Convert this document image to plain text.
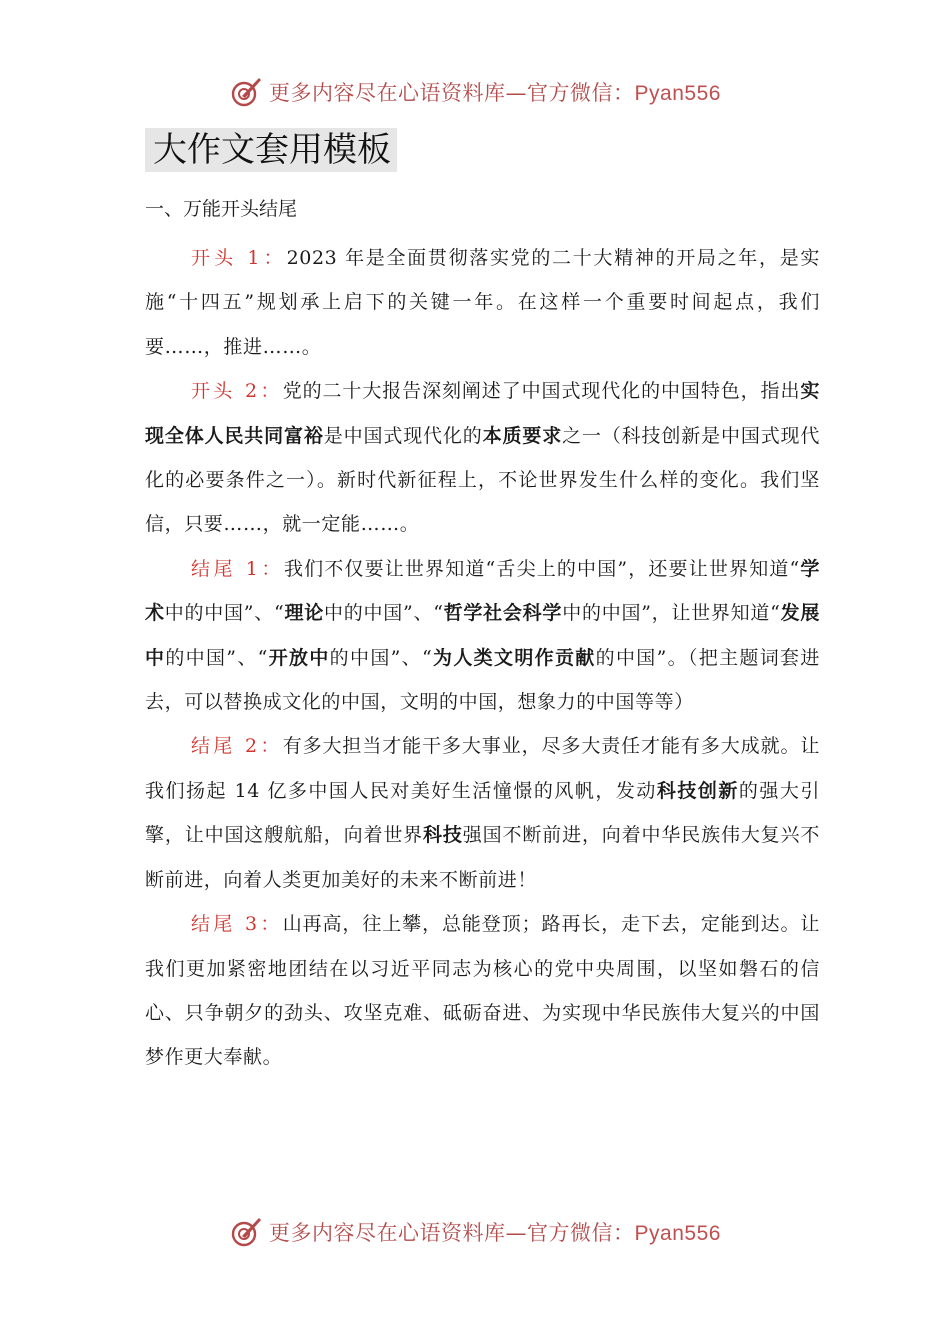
更多内容尽在心语资料库—官方微信：Pyan556
大作文套用模板
一、万能开头结尾

开头 1：2023 年是全面贯彻落实党的二十大精神的开局之年，是实施“十四五”规划承上启下的关键一年。在这样一个重要时间起点，我们要……，推进……。

开头 2：党的二十大报告深刻阐述了中国式现代化的中国特色，指出实现全体人民共同富裕是中国式现代化的本质要求之一（科技创新是中国式现代化的必要条件之一）。新时代新征程上，不论世界发生什么样的变化。我们坚信，只要……，就一定能……。

结尾 1：我们不仅要让世界知道“舌尖上的中国”，还要让世界知道“学术中的中国”、“理论中的中国”、“哲学社会科学中的中国”，让世界知道“发展中的中国”、“开放中的中国”、“为人类文明作贡献的中国”。（把主题词套进去，可以替换成文化的中国，文明的中国，想象力的中国等等）

结尾 2：有多大担当才能干多大事业，尽多大责任才能有多大成就。让我们扬起 14 亿多中国人民对美好生活憧憬的风帆，发动科技创新的强大引擎，让中国这艘航船，向着世界科技强国不断前进，向着中华民族伟大复兴不断前进，向着人类更加美好的未来不断前进！

结尾 3：山再高，往上攀，总能登顶；路再长，走下去，定能到达。让我们更加紧密地团结在以习近平同志为核心的党中央周围，以坚如磐石的信心、只争朝夕的劲头、攻坚克难、砥砺奋进、为实现中华民族伟大复兴的中国梦作更大奉献。

更多内容尽在心语资料库—官方微信：Pyan556
